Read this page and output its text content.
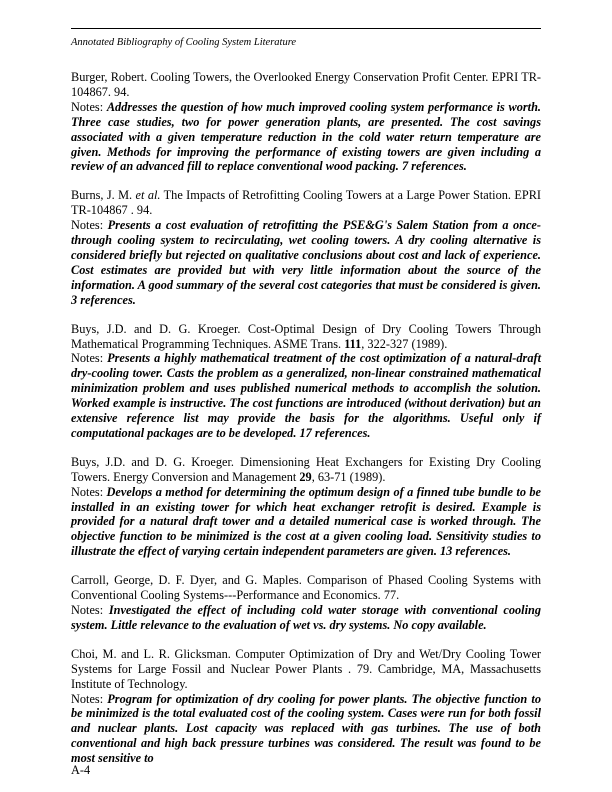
Annotated Bibliography of Cooling System Literature
Burger, Robert. Cooling Towers, the Overlooked Energy Conservation Profit Center. EPRI TR-104867. 94.
Notes: Addresses the question of how much improved cooling system performance is worth. Three case studies, two for power generation plants, are presented. The cost savings associated with a given temperature reduction in the cold water return temperature are given. Methods for improving the performance of existing towers are given including a review of an advanced fill to replace conventional wood packing. 7 references.
Burns, J. M. et al. The Impacts of Retrofitting Cooling Towers at a Large Power Station. EPRI TR-104867 . 94.
Notes: Presents a cost evaluation of retrofitting the PSE&G's Salem Station from a once-through cooling system to recirculating, wet cooling towers. A dry cooling alternative is considered briefly but rejected on qualitative conclusions about cost and lack of experience. Cost estimates are provided but with very little information about the source of the information. A good summary of the several cost categories that must be considered is given. 3 references.
Buys, J.D. and D. G. Kroeger. Cost-Optimal Design of Dry Cooling Towers Through Mathematical Programming Techniques. ASME Trans. 111, 322-327 (1989).
Notes: Presents a highly mathematical treatment of the cost optimization of a natural-draft dry-cooling tower. Casts the problem as a generalized, non-linear constrained mathematical minimization problem and uses published numerical methods to accomplish the solution. Worked example is instructive. The cost functions are introduced (without derivation) but an extensive reference list may provide the basis for the algorithms. Useful only if computational packages are to be developed. 17 references.
Buys, J.D. and D. G. Kroeger. Dimensioning Heat Exchangers for Existing Dry Cooling Towers. Energy Conversion and Management 29, 63-71 (1989).
Notes: Develops a method for determining the optimum design of a finned tube bundle to be installed in an existing tower for which heat exchanger retrofit is desired. Example is provided for a natural draft tower and a detailed numerical case is worked through. The objective function to be minimized is the cost at a given cooling load. Sensitivity studies to illustrate the effect of varying certain independent parameters are given. 13 references.
Carroll, George, D. F. Dyer, and G. Maples. Comparison of Phased Cooling Systems with Conventional Cooling Systems---Performance and Economics. 77.
Notes: Investigated the effect of including cold water storage with conventional cooling system. Little relevance to the evaluation of wet vs. dry systems. No copy available.
Choi, M. and L. R. Glicksman. Computer Optimization of Dry and Wet/Dry Cooling Tower Systems for Large Fossil and Nuclear Power Plants . 79. Cambridge, MA, Massachusetts Institute of Technology.
Notes: Program for optimization of dry cooling for power plants. The objective function to be minimized is the total evaluated cost of the cooling system. Cases were run for both fossil and nuclear plants. Lost capacity was replaced with gas turbines. The use of both conventional and high back pressure turbines was considered. The result was found to be most sensitive to
A-4
